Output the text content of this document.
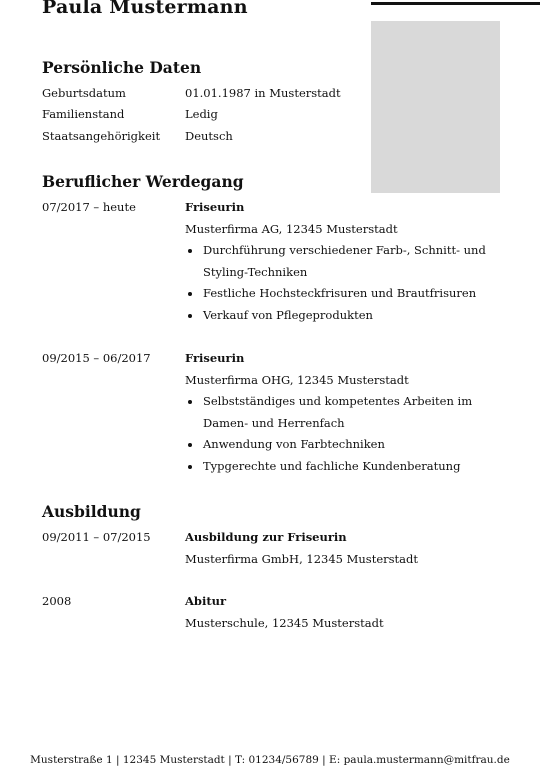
Paula Mustermann
Persönliche Daten
Geburtsdatum	01.01.1987 in Musterstadt
Familienstand	Ledig
Staatsangehörigkeit Deutsch
Beruflicher Werdegang
07/2017 – heute	Friseurin
Musterfirma AG, 12345 Musterstadt
Durchführung verschiedener Farb-, Schnitt- und Styling-Techniken
Festliche Hochsteckfrisuren und Brautfrisuren
Verkauf von Pflegeprodukten
09/2015 – 06/2017	Friseurin
Musterfirma OHG, 12345 Musterstadt
Selbstständiges und kompetentes Arbeiten im Damen- und Herrenfach
Anwendung von Farbtechniken
Typgerechte und fachliche Kundenberatung
Ausbildung
09/2011 – 07/2015	Ausbildung zur Friseurin
Musterfirma GmbH, 12345 Musterstadt
2008	Abitur
Musterschule, 12345 Musterstadt
Musterstraße 1 | 12345 Musterstadt | T: 01234/56789 | E: paula.mustermann@mitfrau.de
